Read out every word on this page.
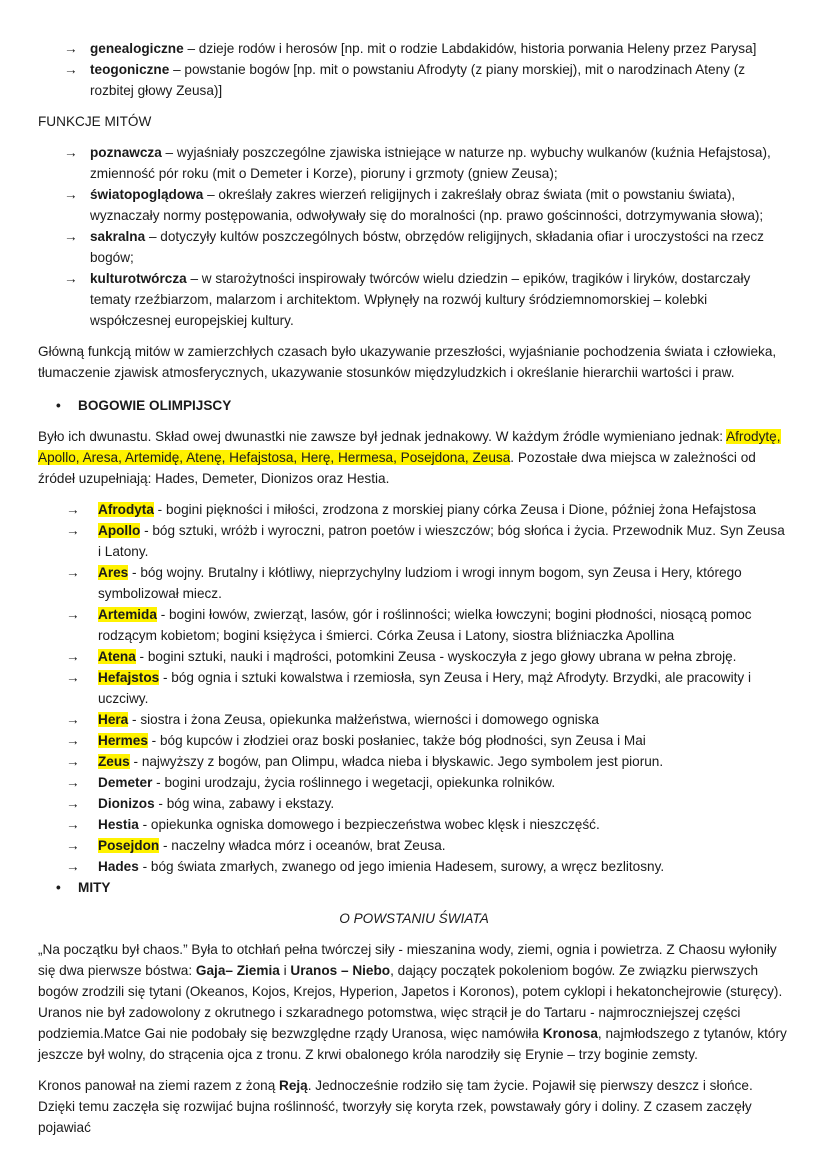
→ genealogiczne – dzieje rodów i herosów [np. mit o rodzie Labdakidów, historia porwania Heleny przez Parysa]
→ teogoniczne – powstanie bogów [np. mit o powstaniu Afrodyty (z piany morskiej), mit o narodzinach Ateny (z rozbitej głowy Zeusa)]
FUNKCJE MITÓW
→ poznawcza – wyjaśniały poszczególne zjawiska istniejące w naturze np. wybuchy wulkanów (kuźnia Hefajstosa), zmienność pór roku (mit o Demeter i Korze), pioruny i grzmoty (gniew Zeusa);
→ światopoglądowa – określały zakres wierzeń religijnych i zakreślały obraz świata (mit o powstaniu świata), wyznaczały normy postępowania, odwoływały się do moralności (np. prawo gościnności, dotrzymywania słowa);
→ sakralna – dotyczyły kultów poszczególnych bóstw, obrzędów religijnych, składania ofiar i uroczystości na rzecz bogów;
→ kulturotwórcza – w starożytności inspirowały twórców wielu dziedzin – epików, tragików i liryków, dostarczały tematy rzeźbiarzom, malarzom i architektom. Wpłynęły na rozwój kultury śródziemnomorskiej – kolebki współczesnej europejskiej kultury.
Główną funkcją mitów w zamierzchłych czasach było ukazywanie przeszłości, wyjaśnianie pochodzenia świata i człowieka, tłumaczenie zjawisk atmosferycznych, ukazywanie stosunków międzyludzkich i określanie hierarchii wartości i praw.
• BOGOWIE OLIMPIJSCY
Było ich dwunastu. Skład owej dwunastki nie zawsze był jednak jednakowy. W każdym źródle wymieniano jednak: Afrodytę, Apollo, Aresa, Artemidę, Atenę, Hefajstosa, Herę, Hermesa, Posejdona, Zeusa. Pozostałe dwa miejsca w zależności od źródeł uzupełniają: Hades, Demeter, Dionizos oraz Hestia.
→ Afrodyta - bogini piękności i miłości, zrodzona z morskiej piany córka Zeusa i Dione, później żona Hefajstosa
→ Apollo - bóg sztuki, wróżb i wyroczni, patron poetów i wieszczów; bóg słońca i życia. Przewodnik Muz. Syn Zeusa i Latony.
→ Ares - bóg wojny. Brutalny i kłótliwy, nieprzychylny ludziom i wrogi innym bogom, syn Zeusa i Hery, którego symbolizował miecz.
→ Artemida - bogini łowów, zwierząt, lasów, gór i roślinności; wielka łowczyni; bogini płodności, niosącą pomoc rodzącym kobietom; bogini księżyca i śmierci. Córka Zeusa i Latony, siostra bliźniaczka Apollina
→ Atena - bogini sztuki, nauki i mądrości, potomkini Zeusa - wyskoczyła z jego głowy ubrana w pełna zbroję.
→ Hefajstos - bóg ognia i sztuki kowalstwa i rzemiosła, syn Zeusa i Hery, mąż Afrodyty. Brzydki, ale pracowity i uczciwy.
→ Hera - siostra i żona Zeusa, opiekunka małżeństwa, wierności i domowego ogniska
→ Hermes - bóg kupców i złodziei oraz boski posłaniec, także bóg płodności, syn Zeusa i Mai
→ Zeus - najwyższy z bogów, pan Olimpu, władca nieba i błyskawic. Jego symbolem jest piorun.
→ Demeter - bogini urodzaju, życia roślinnego i wegetacji, opiekunka rolników.
→ Dionizos - bóg wina, zabawy i ekstazy.
→ Hestia - opiekunka ogniska domowego i bezpieczeństwa wobec klęsk i nieszczęść.
→ Posejdon - naczelny władca mórz i oceanów, brat Zeusa.
→ Hades - bóg świata zmarłych, zwanego od jego imienia Hadesem, surowy, a wręcz bezlitosny.
• MITY
O POWSTANIU ŚWIATA
„Na początku był chaos.” Była to otchłań pełna twórczej siły - mieszanina wody, ziemi, ognia i powietrza. Z Chaosu wyłoniły się dwa pierwsze bóstwa: Gaja– Ziemia i Uranos – Niebo, dający początek pokoleniom bogów. Ze związku pierwszych bogów zrodzili się tytani (Okeanos, Kojos, Krejos, Hyperion, Japetos i Koronos), potem cyklopi i hekatonchejrowie (sturęcy). Uranos nie był zadowolony z okrutnego i szkaradnego potomstwa, więc strącił je do Tartaru - najmroczniejszej części podziemia.Matce Gai nie podobały się bezwzględne rządy Uranosa, więc namówiła Kronosa, najmłodszego z tytanów, który jeszcze był wolny, do strącenia ojca z tronu. Z krwi obalonego króla narodziły się Erynie – trzy boginie zemsty.
Kronos panował na ziemi razem z żoną Reją. Jednocześnie rodziło się tam życie. Pojawił się pierwszy deszcz i słońce. Dzięki temu zaczęła się rozwijać bujna roślinność, tworzyły się koryta rzek, powstawały góry i doliny. Z czasem zaczęły pojawiać
